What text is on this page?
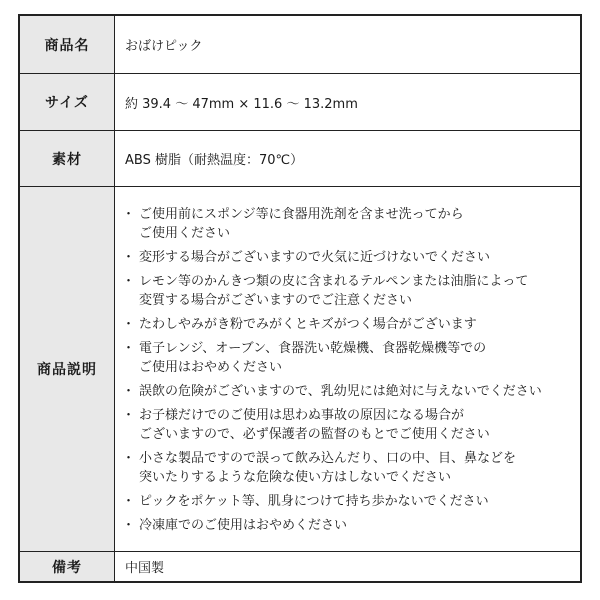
商品名	おばけピック
サイズ	約 39.4 〜 47mm × 11.6 〜 13.2mm
素材	ABS 樹脂（耐熱温度：70℃）
商品説明
・ ご使用前にスポンジ等に食器用洗剤を含ませ洗ってから
ご使用ください
・ 変形する場合がございますので火気に近づけないでください
・ レモン等のかんきつ類の皮に含まれるテルペンまたは油脂によって
変質する場合がございますのでご注意ください
・ たわしやみがき粉でみがくとキズがつく場合がございます
・ 電子レンジ、オーブン、食器洗い乾燥機、食器乾燥機等での
ご使用はおやめください
・ 誤飲の危険がございますので、乳幼児には絶対に与えないでください
・ お子様だけでのご使用は思わぬ事故の原因になる場合が
ございますので、必ず保護者の監督のもとでご使用ください
・ 小さな製品ですので誤って飲み込んだり、口の中、目、鼻などを
突いたりするような危険な使い方はしないでください
・ ピックをポケット等、肌身につけて持ち歩かないでください
・ 冷凍庫でのご使用はおやめください
備考	中国製
